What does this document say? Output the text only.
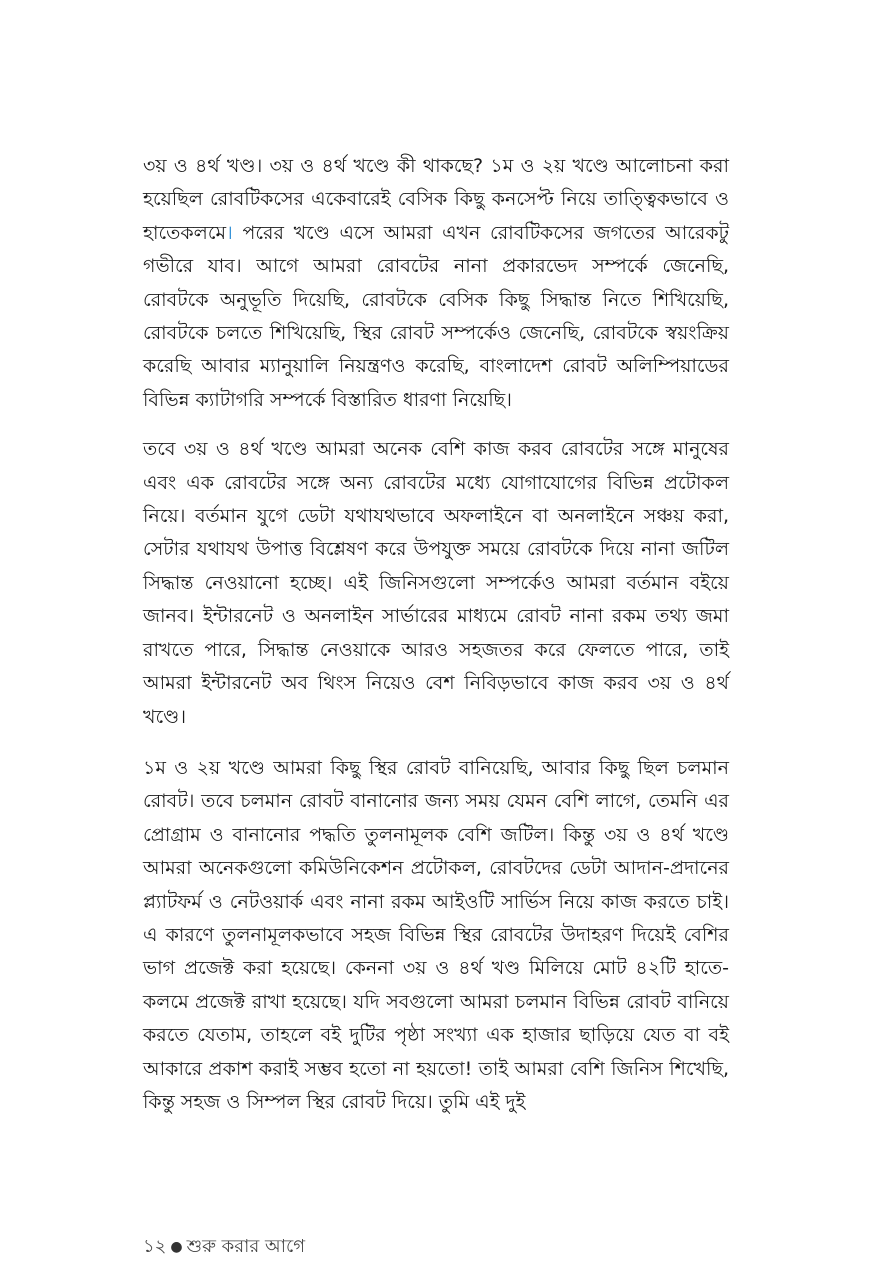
৩য় ও ৪র্থ খণ্ড। ৩য় ও ৪র্থ খণ্ডে কী থাকছে? ১ম ও ২য় খণ্ডে আলোচনা করা হয়েছিল রোবটিকসের একেবারেই বেসিক কিছু কনসেপ্ট নিয়ে তাত্ত্বিকভাবে ও হাতেকলমে। পরের খণ্ডে এসে আমরা এখন রোবটিকসের জগতের আরেকটু গভীরে যাব। আগে আমরা রোবটের নানা প্রকারভেদ সম্পর্কে জেনেছি, রোবটকে অনুভূতি দিয়েছি, রোবটকে বেসিক কিছু সিদ্ধান্ত নিতে শিখিয়েছি, রোবটকে চলতে শিখিয়েছি, স্থির রোবট সম্পর্কেও জেনেছি, রোবটকে স্বয়ংক্রিয় করেছি আবার ম্যানুয়ালি নিয়ন্ত্রণও করেছি, বাংলাদেশ রোবট অলিম্পিয়াডের বিভিন্ন ক্যাটাগরি সম্পর্কে বিস্তারিত ধারণা নিয়েছি।

তবে ৩য় ও ৪র্থ খণ্ডে আমরা অনেক বেশি কাজ করব রোবটের সঙ্গে মানুষের এবং এক রোবটের সঙ্গে অন্য রোবটের মধ্যে যোগাযোগের বিভিন্ন প্রটোকল নিয়ে। বর্তমান যুগে ডেটা যথাযথভাবে অফলাইনে বা অনলাইনে সঞ্চয় করা, সেটার যথাযথ উপাত্ত বিশ্লেষণ করে উপযুক্ত সময়ে রোবটকে দিয়ে নানা জটিল সিদ্ধান্ত নেওয়ানো হচ্ছে। এই জিনিসগুলো সম্পর্কেও আমরা বর্তমান বইয়ে জানব। ইন্টারনেট ও অনলাইন সার্ভারের মাধ্যমে রোবট নানা রকম তথ্য জমা রাখতে পারে, সিদ্ধান্ত নেওয়াকে আরও সহজতর করে ফেলতে পারে, তাই আমরা ইন্টারনেট অব থিংস নিয়েও বেশ নিবিড়ভাবে কাজ করব ৩য় ও ৪র্থ খণ্ডে।

১ম ও ২য় খণ্ডে আমরা কিছু স্থির রোবট বানিয়েছি, আবার কিছু ছিল চলমান রোবট। তবে চলমান রোবট বানানোর জন্য সময় যেমন বেশি লাগে, তেমনি এর প্রোগ্রাম ও বানানোর পদ্ধতি তুলনামূলক বেশি জটিল। কিন্তু ৩য় ও ৪র্থ খণ্ডে আমরা অনেকগুলো কমিউনিকেশন প্রটোকল, রোবটদের ডেটা আদান-প্রদানের প্ল্যাটফর্ম ও নেটওয়ার্ক এবং নানা রকম আইওটি সার্ভিস নিয়ে কাজ করতে চাই। এ কারণে তুলনামূলকভাবে সহজ বিভিন্ন স্থির রোবটের উদাহরণ দিয়েই বেশির ভাগ প্রজেক্ট করা হয়েছে। কেননা ৩য় ও ৪র্থ খণ্ড মিলিয়ে মোট ৪২টি হাতে-কলমে প্রজেক্ট রাখা হয়েছে। যদি সবগুলো আমরা চলমান বিভিন্ন রোবট বানিয়ে করতে যেতাম, তাহলে বই দুটির পৃষ্ঠা সংখ্যা এক হাজার ছাড়িয়ে যেত বা বই আকারে প্রকাশ করাই সম্ভব হতো না হয়তো! তাই আমরা বেশি জিনিস শিখেছি, কিন্তু সহজ ও সিম্পল স্থির রোবট দিয়ে। তুমি এই দুই

১২ ● শুরু করার আগে
